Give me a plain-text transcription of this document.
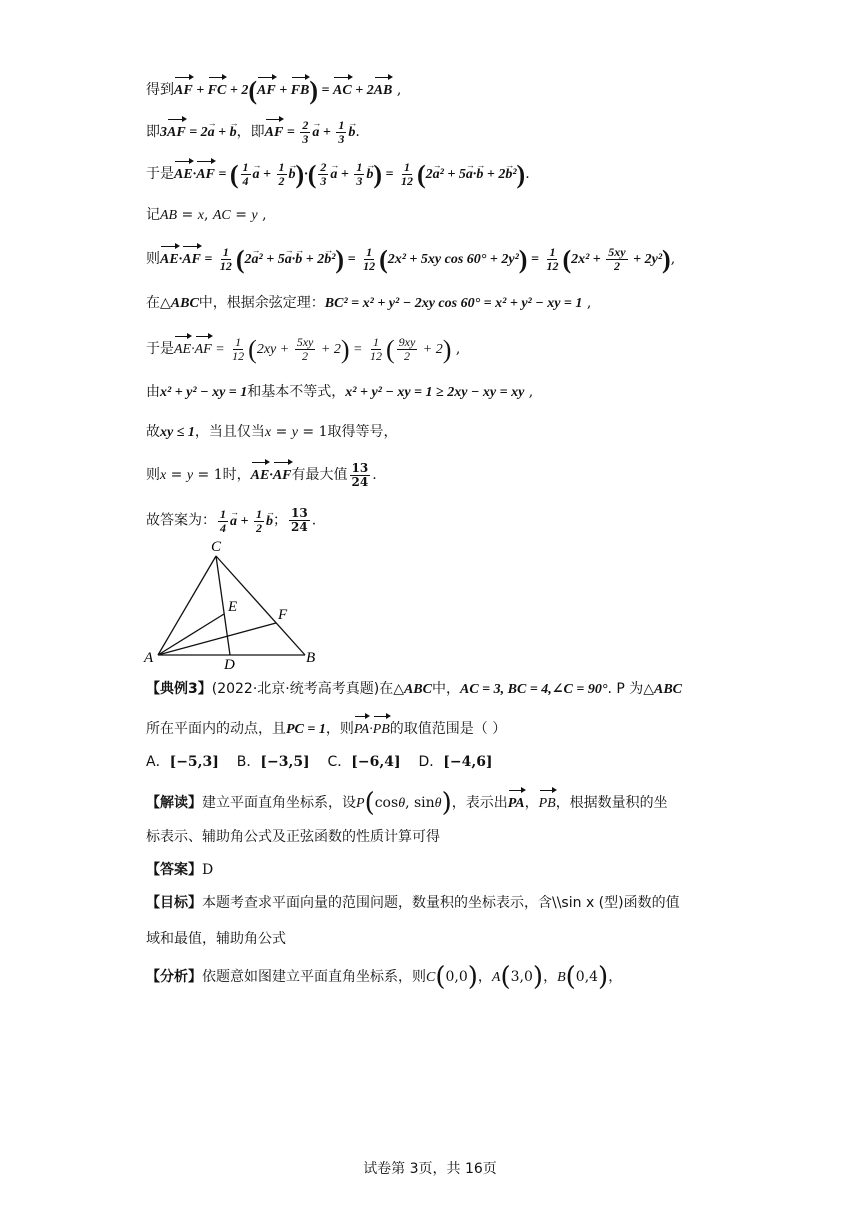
得到AF + FC + 2(AF + FB) = AC + 2AB ,
即3AF = 2a → + b →，即AF = $\frac{2}{3}$ a → + $\frac{1}{3}$ b →.
于是AE·AF = ( $\frac{1}{4}$ a → + $\frac{1}{2}$ b →)·( $\frac{2}{3}$ a → + $\frac{1}{3}$ b →) = $\frac{1}{12} (2a \to^2 + 5a \to\cdot b$ → + 2b →²).
记AB = x, AC = y ,
则$AE\cdot AF = \frac{1}{12} (2a \to^2 + 5a \to\cdot b$ → + $2b \to^2) = \frac{1}{12} (2x^2 + 5xy$ $\cos 60^\circ + 2y^2) = \frac{1}{12} (2x^2 + \frac{5xy}{2} + 2y^2)$,
在△ABC中，根据余弦定理：BC² = x² + y² − 2xy cos 60° = x² + y² − xy = 1 ,
于是$AE\cdot AF = \frac{1}{12} (2xy + \frac{5xy}{2} + 2) = \frac{1}{12}$ ( $\frac{9xy}{2} + 2$) ,
由x² + y² − xy = 1和基本不等式，x² + y² − xy = 1 ≥ 2xy − xy = xy ,
故xy ≤ 1，当且仅当x = y = 1取得等号，
则x = y = 1时，AE·AF有最大值 $\frac{13}{24}$ .
故答案为： $\frac{1}{4}$ a → + $\frac{1}{2}$ b →； $\frac{13}{24}$ .
C
E	F
A	D	B
【典例3】(2022·北京·统考高考真题)在△ABC中，AC = 3, BC = 4,∠C = 90°. P 为△ABC
所在平面内的动点，且PC = 1，则PA·PB的取值范围是（ ）
A．[−5,3] B．[−3,5] C．[−6,4] D．[−4,6]
【解读】建立平面直角坐标系，设P(cosθ, sinθ)，表示出PA，PB，根据数量积的坐
标表示、辅助角公式及正弦函数的性质计算可得
【答案】D
【目标】本题考查求平面向量的范围问题，数量积的坐标表示，含\\sin x (型)函数的值
域和最值，辅助角公式
【分析】依题意如图建立平面直角坐标系，则C(0,0)，A(3,0)，B(0,4)，
试卷第 3页，共 16页
